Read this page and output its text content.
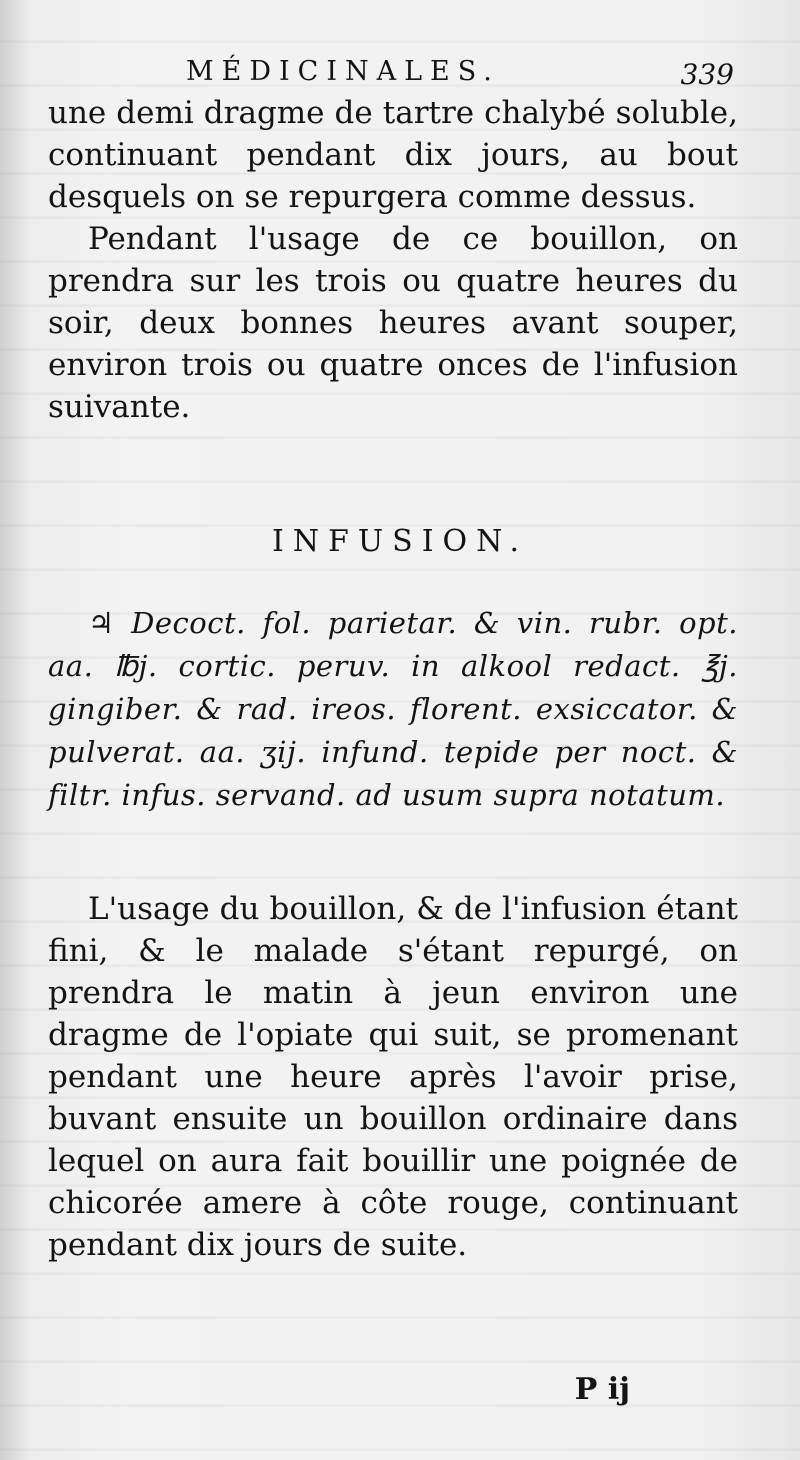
MÉDICINALES.	339

une demi dragme de tartre chalybé soluble, continuant pendant dix jours, au bout desquels on se repurgera comme dessus.

Pendant l'usage de ce bouillon, on prendra sur les trois ou quatre heures du soir, deux bonnes heures avant souper, environ trois ou quatre onces de l'infusion suivante.

INFUSION.

♃ Decoct. fol. parietar. & vin. rubr. opt. aa. ℔j. cortic. peruv. in alkool redact. ℥j. gingiber. & rad. ireos. florent. exsiccator. & pulverat. aa. ʒij. infund. tepide per noct. & filtr. infus. servand. ad usum supra notatum.

L'usage du bouillon, & de l'infusion étant fini, & le malade s'étant repurgé, on prendra le matin à jeun environ une dragme de l'opiate qui suit, se promenant pendant une heure après l'avoir prise, buvant ensuite un bouillon ordinaire dans lequel on aura fait bouillir une poignée de chicorée amere à côte rouge, continuant pendant dix jours de suite.

P ij
